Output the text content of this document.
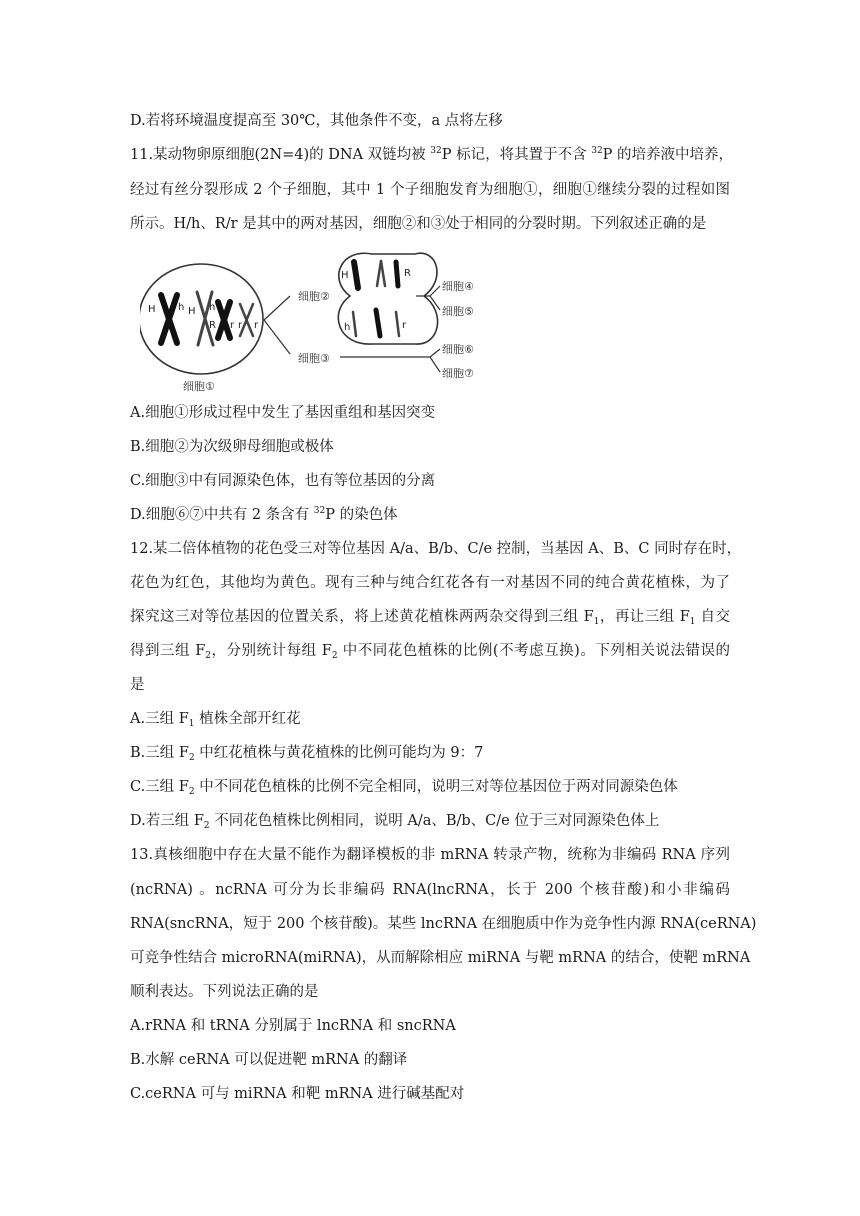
D.若将环境温度提高至 30℃，其他条件不变，a 点将左移
11.某动物卵原细胞(2N=4)的 DNA 双链均被 $^{32}$P 标记，将其置于不含 $^{32}$P 的培养液中培养，
经过有丝分裂形成 2 个子细胞，其中 1 个子细胞发育为细胞①，细胞①继续分裂的过程如图
所示。H/h、R/r 是其中的两对基因，细胞②和③处于相同的分裂时期。下列叙述正确的是
H h H h
R r r r
细胞①
细胞②
细胞③
H	R
h	r
细胞④
细胞⑤
细胞⑥
细胞⑦
A.细胞①形成过程中发生了基因重组和基因突变
B.细胞②为次级卵母细胞或极体
C.细胞③中有同源染色体，也有等位基因的分离
D.细胞⑥⑦中共有 2 条含有 $^{32}$P 的染色体
12.某二倍体植物的花色受三对等位基因 A/a、B/b、C/e 控制，当基因 A、B、C 同时存在时，
花色为红色，其他均为黄色。现有三种与纯合红花各有一对基因不同的纯合黄花植株，为了
探究这三对等位基因的位置关系，将上述黄花植株两两杂交得到三组 $F_1$，再让三组 $F_1$ 自交
得到三组 $F_2$，分别统计每组 $F_2$ 中不同花色植株的比例(不考虑互换)。下列相关说法错误的
是
A.三组 $F_1$ 植株全部开红花
B.三组 $F_2$ 中红花植株与黄花植株的比例可能均为 9：7
C.三组 $F_2$ 中不同花色植株的比例不完全相同，说明三对等位基因位于两对同源染色体
D.若三组 $F_2$ 不同花色植株比例相同，说明 A/a、B/b、C/e 位于三对同源染色体上
13.真核细胞中存在大量不能作为翻译模板的非 mRNA 转录产物，统称为非编码 RNA 序列
(ncRNA) 。ncRNA 可分为长非编码 RNA(lncRNA，长于 200 个核苷酸)和小非编码
RNA(sncRNA，短于 200 个核苷酸)。某些 lncRNA 在细胞质中作为竞争性内源 RNA(ceRNA)
可竞争性结合 microRNA(miRNA)，从而解除相应 miRNA 与靶 mRNA 的结合，使靶 mRNA
顺利表达。下列说法正确的是
A.rRNA 和 tRNA 分别属于 lncRNA 和 sncRNA
B.水解 ceRNA 可以促进靶 mRNA 的翻译
C.ceRNA 可与 miRNA 和靶 mRNA 进行碱基配对
